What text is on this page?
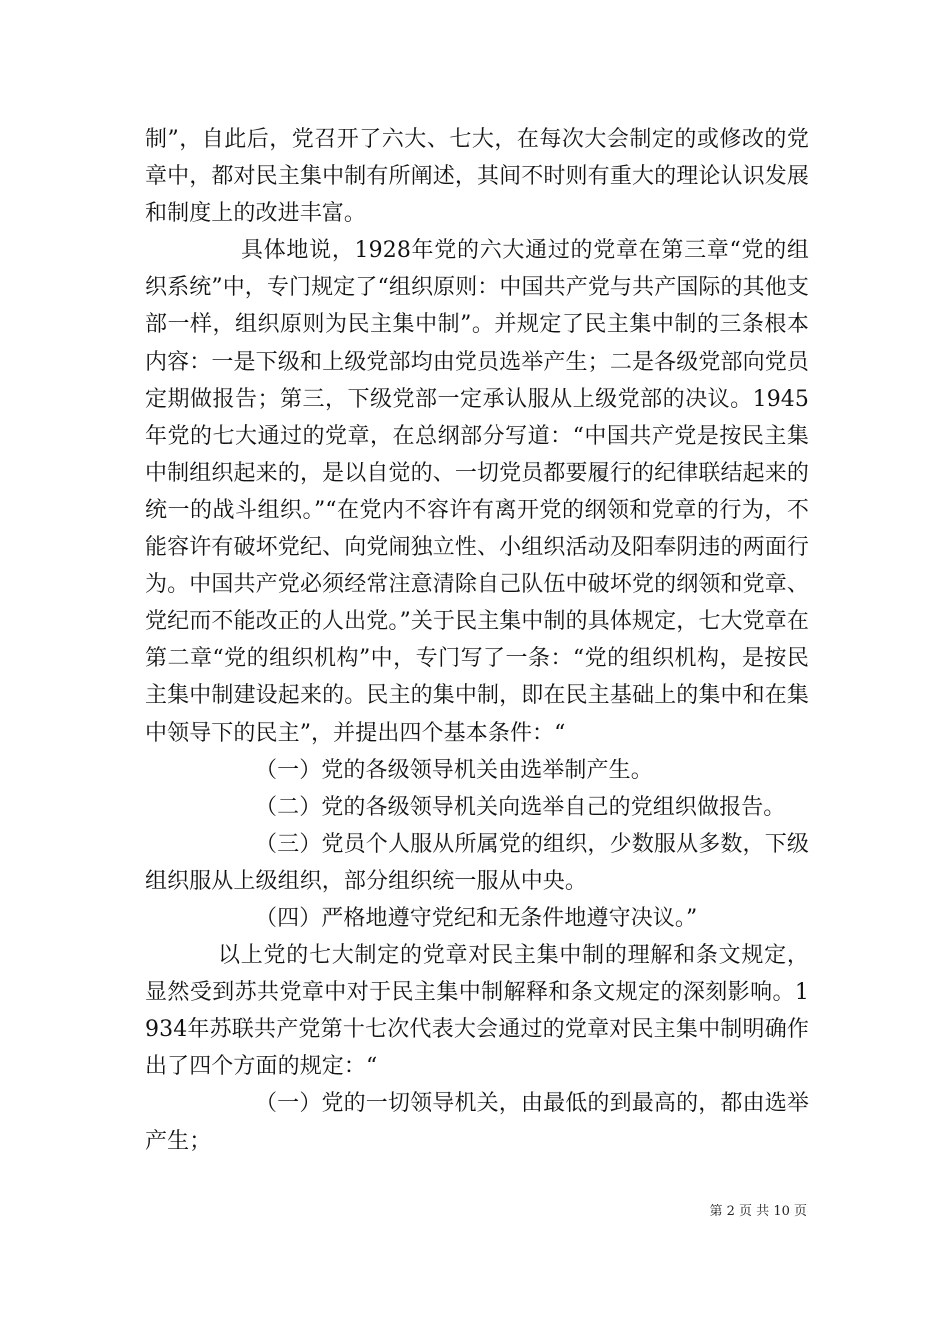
制”，自此后，党召开了六大、七大，在每次大会制定的或修改的党章中，都对民主集中制有所阐述，其间不时则有重大的理论认识发展和制度上的改进丰富。

具体地说，1928年党的六大通过的党章在第三章“党的组织系统”中，专门规定了“组织原则：中国共产党与共产国际的其他支部一样，组织原则为民主集中制”。并规定了民主集中制的三条根本内容：一是下级和上级党部均由党员选举产生；二是各级党部向党员定期做报告；第三，下级党部一定承认服从上级党部的决议。1945年党的七大通过的党章，在总纲部分写道：“中国共产党是按民主集中制组织起来的，是以自觉的、一切党员都要履行的纪律联结起来的统一的战斗组织。”“在党内不容许有离开党的纲领和党章的行为，不能容许有破坏党纪、向党闹独立性、小组织活动及阳奉阴违的两面行为。中国共产党必须经常注意清除自己队伍中破坏党的纲领和党章、党纪而不能改正的人出党。”关于民主集中制的具体规定，七大党章在第二章“党的组织机构”中，专门写了一条：“党的组织机构，是按民主集中制建设起来的。民主的集中制，即在民主基础上的集中和在集中领导下的民主”，并提出四个基本条件：“

（一）党的各级领导机关由选举制产生。

（二）党的各级领导机关向选举自己的党组织做报告。

（三）党员个人服从所属党的组织，少数服从多数，下级组织服从上级组织，部分组织统一服从中央。

（四）严格地遵守党纪和无条件地遵守决议。”

以上党的七大制定的党章对民主集中制的理解和条文规定，显然受到苏共党章中对于民主集中制解释和条文规定的深刻影响。1934年苏联共产党第十七次代表大会通过的党章对民主集中制明确作出了四个方面的规定：“

（一）党的一切领导机关，由最低的到最高的，都由选举产生；

第 2 页 共 10 页
